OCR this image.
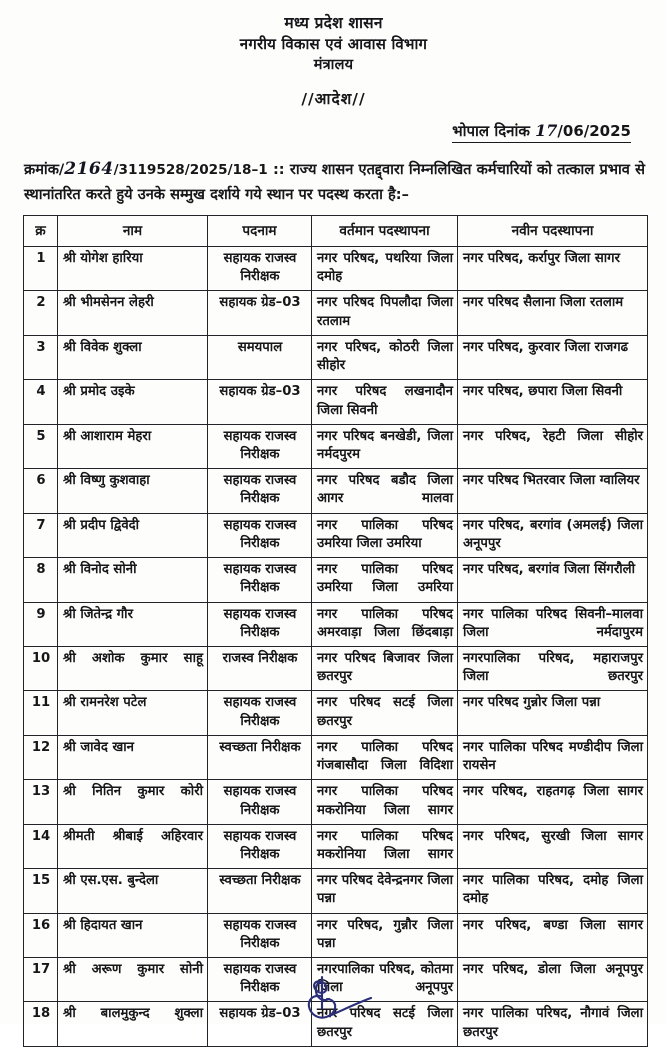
मध्य प्रदेश शासन
नगरीय विकास एवं आवास विभाग
मंत्रालय
//आदेश//
भोपाल दिनांक 17/06/2025
क्रमांक/2164/3119528/2025/18–1 :: राज्य शासन एतद्द्वारा निम्नलिखित कर्मचारियों को तत्काल प्रभाव से स्थानांतरित करते हुये उनके सम्मुख दर्शाये गये स्थान पर पदस्थ करता है:–
क्र	नाम	पदनाम	वर्तमान पदस्थापना	नवीन पदस्थापना
1	श्री योगेश हारिया	सहायक राजस्व निरीक्षक	नगर परिषद, पथरिया जिला दमोह	नगर परिषद, कर्रापुर जिला सागर
2	श्री भीमसेनन लेहरी	सहायक ग्रेड–03	नगर परिषद पिपलौदा जिला रतलाम	नगर परिषद सैलाना जिला रतलाम
3	श्री विवेक शुक्ला	समयपाल	नगर परिषद, कोठरी जिला सीहोर	नगर परिषद, कुरवार जिला राजगढ
4	श्री प्रमोद उइके	सहायक ग्रेड–03	नगर परिषद लखनादौन जिला सिवनी	नगर परिषद, छपारा जिला सिवनी
5	श्री आशाराम मेहरा	सहायक राजस्व निरीक्षक	नगर परिषद बनखेडी, जिला नर्मदपुरम	नगर परिषद, रेहटी जिला सीहोर
6	श्री विष्णु कुशवाहा	सहायक राजस्व निरीक्षक	नगर परिषद बडौद जिला आगर मालवा	नगर परिषद भितरवार जिला ग्वालियर
7	श्री प्रदीप द्विवेदी	सहायक राजस्व निरीक्षक	नगर पालिका परिषद उमरिया जिला उमरिया	नगर परिषद, बरगांव (अमलई) जिला अनूपपुर
8	श्री विनोद सोनी	सहायक राजस्व निरीक्षक	नगर पालिका परिषद उमरिया जिला उमरिया	नगर परिषद, बरगांव जिला सिंगरौली
9	श्री जितेन्द्र गौर	सहायक राजस्व निरीक्षक	नगर पालिका परिषद अमरवाड़ा जिला छिंदबाड़ा	नगर पालिका परिषद सिवनी–मालवा जिला नर्मदापुरम
10	श्री अशोक कुमार साहू	राजस्व निरीक्षक	नगर परिषद बिजावर जिला छतरपुर	नगरपालिका परिषद, महाराजपुर जिला छतरपुर
11	श्री रामनरेश पटेल	सहायक राजस्व निरीक्षक	नगर परिषद सटई जिला छतरपुर	नगर परिषद गुन्नोर जिला पन्ना
12	श्री जावेद खान	स्वच्छता निरीक्षक	नगर पालिका परिषद गंजबासौदा जिला विदिशा	नगर पालिका परिषद मण्डीदीप जिला रायसेन
13	श्री नितिन कुमार कोरी	सहायक राजस्व निरीक्षक	नगर पालिका परिषद मकरोनिया जिला सागर	नगर परिषद, राहतगढ़ जिला सागर
14	श्रीमती श्रीबाई अहिरवार	सहायक राजस्व निरीक्षक	नगर पालिका परिषद मकरोनिया जिला सागर	नगर परिषद, सुरखी जिला सागर
15	श्री एस.एस. बुन्देला	स्वच्छता निरीक्षक	नगर परिषद देवेन्द्रनगर जिला पन्ना	नगर पालिका परिषद, दमोह जिला दमोह
16	श्री हिदायत खान	सहायक राजस्व निरीक्षक	नगर परिषद, गुन्नौर जिला पन्ना	नगर परिषद, बण्डा जिला सागर
17	श्री अरूण कुमार सोनी	सहायक राजस्व निरीक्षक	नगरपालिका परिषद, कोतमा जिला अनूपपुर	नगर परिषद, डोला जिला अनूपपुर
18	श्री बालमुकुन्द शुक्ला	सहायक ग्रेड–03	नगर परिषद सटई जिला छतरपुर	नगर पालिका परिषद, नौगावं जिला छतरपुर
